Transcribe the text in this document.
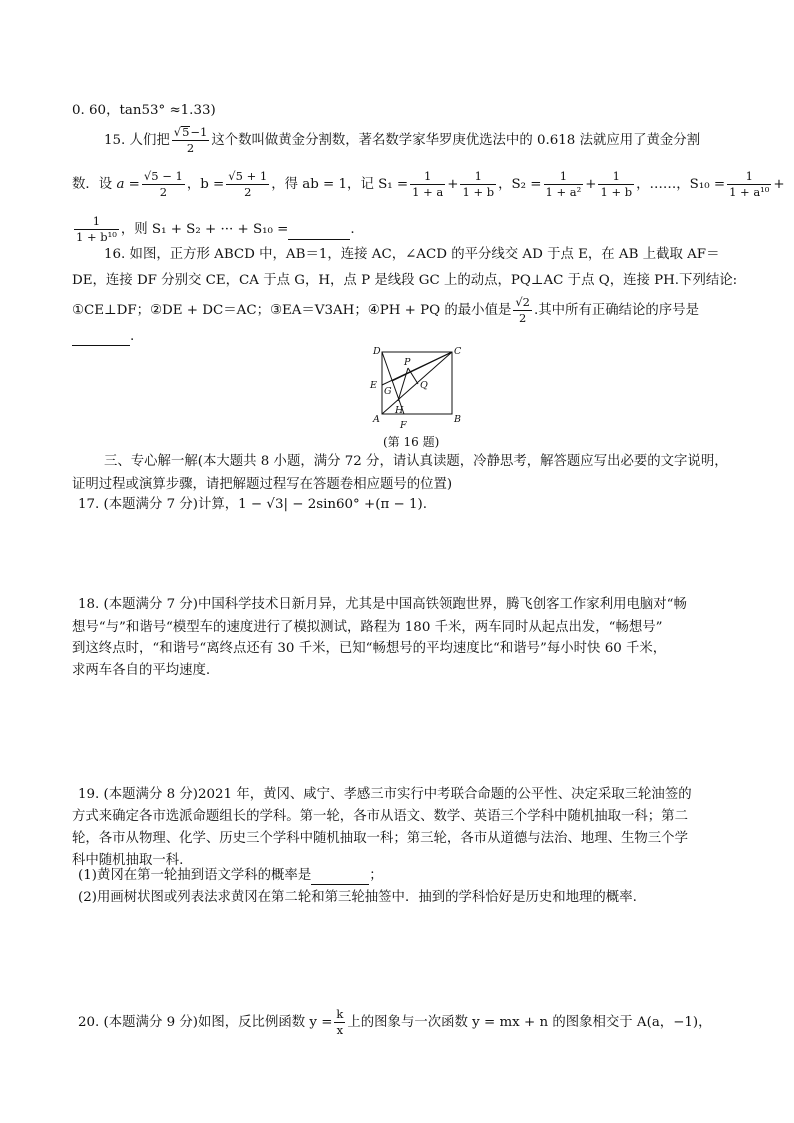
0. 60，tan53° ≈1.33)
15. 人们把 $\frac{√5-1}{2}$ 这个数叫做黄金分割数，著名数学家华罗庚优选法中的 0.618 法就应用了黄金分割
数．设 $a = \frac{√5 - 1}{2}$ ，$b = \frac{√5 + 1}{2}$ ，得 ab = 1，记 $S_1 = \frac{1}{1 + a} + \frac{1}{1 + b}$ ，$S_2 = \frac{1}{\text{1 + a²}} + \frac{1}{1 + b}$ ，……，$S_{10} = \frac{1}{\text{1 + a¹⁰}}$ +
$\frac{1}{\text{1 + b¹⁰}}$ ，则 S₁ + S₂ + ··· + S₁₀ =	.
16. 如图，正方形 ABCD 中，AB＝1，连接 AC，∠ACD 的平分线交 AD 于点 E，在 AB 上截取 AF＝
DE，连接 DF 分别交 CE，CA 于点 G，H，点 P 是线段 GC 上的动点，PQ⊥AC 于点 Q，连接 PH.下列结论:
①CE⊥DF；②DE + DC＝AC；③EA＝V3AH；④PH + PQ 的最小值是 $\frac{√2}{2}$ .其中所有正确结论的序号是
.
D	C
A	B
E
F
G
H
P
Q
(第 16 题)
三、专心解一解(本大题共 8 小题，满分 72 分，请认真读题，冷静思考，解答题应写出必要的文字说明，
证明过程或演算步骤，请把解题过程写在答题卷相应题号的位置)
17. (本题满分 7 分)计算，1 − √3| − 2sin60° +(π − 1).
18. (本题满分 7 分)中国科学技术日新月异，尤其是中国高铁领跑世界，腾飞创客工作家利用电脑对“畅
想号“与”和谐号“模型车的速度进行了模拟测试，路程为 180 千米，两车同时从起点出发，“畅想号”
到这终点时，“和谐号“离终点还有 30 千米，已知“畅想号的平均速度比“和谐号”每小时快 60 千米，
求两车各自的平均速度.
19. (本题满分 8 分)2021 年，黄冈、咸宁、孝感三市实行中考联合命题的公平性、决定采取三轮油签的
方式来确定各市选派命题组长的学科。第一轮，各市从语文、数学、英语三个学科中随机抽取一科；第二
轮，各市从物理、化学、历史三个学科中随机抽取一科；第三轮，各市从道德与法治、地理、生物三个学
科中随机抽取一科.
(1)黄冈在第一轮抽到语文学科的概率是	；
(2)用画树状图或列表法求黄冈在第二轮和第三轮抽签中．抽到的学科恰好是历史和地理的概率.
20. (本题满分 9 分)如图，反比例函数 $y = \frac{k}{x}$ 上的图象与一次函数 y = mx + n 的图象相交于 A(a，−1)，
